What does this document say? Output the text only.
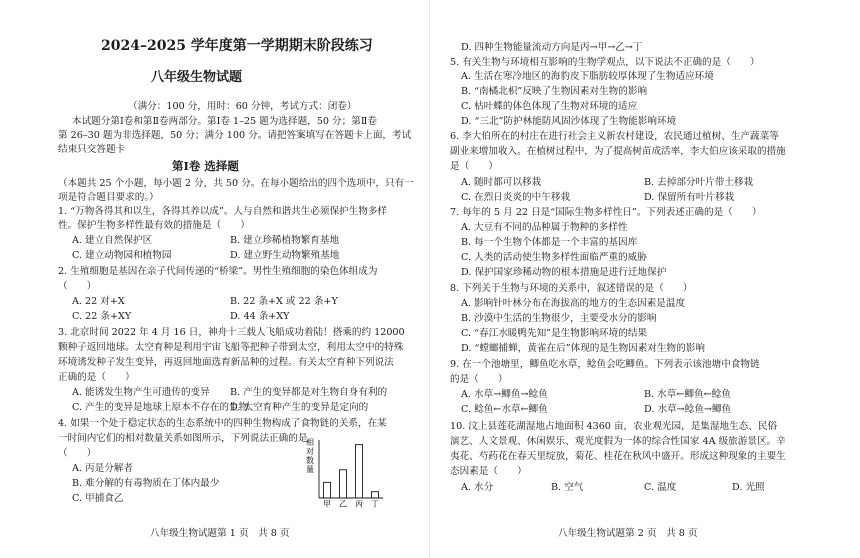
2024–2025 学年度第一学期期末阶段练习
八年级生物试题
（满分：100 分，用时：60 分钟，考试方式：闭卷）
本试题分第Ⅰ卷和第Ⅱ卷两部分。第Ⅰ卷 1–25 题为选择题，50 分；第Ⅱ卷
第 26–30 题为非选择题，50 分；满分 100 分。请把答案填写在答题卡上面，考试
结束只交答题卡
第Ⅰ卷 选择题
（本题共 25 个小题，每小题 2 分，共 50 分。在每小题给出的四个选项中，只有一
项是符合题目要求的。）
1. “万物各得其和以生，各得其养以成”。人与自然和谐共生必须保护生物多样
性。保护生物多样性最有效的措施是（　　）
A. 建立自然保护区	B. 建立珍稀植物繁育基地
C. 建立动物园和植物园	D. 建立野生动物繁殖基地
2. 生殖细胞是基因在亲子代间传递的“桥梁”。男性生殖细胞的染色体组成为
（　　）
A. 22 对+X	B. 22 条+X 或 22 条+Y
C. 22 条+XY	D. 44 条+XY
3. 北京时间 2022 年 4 月 16 日，神舟十三载人飞船成功着陆！搭乘的约 12000
颗种子返回地球。太空育种是利用宇宙飞船等把种子带到太空，利用太空中的特殊
环境诱发种子发生变异，再返回地面选育新品种的过程。有关太空育种下列说法
正确的是（　　）
A. 能诱发生物产生可遗传的变异 B. 产生的变异都是对生物自身有利的
C. 产生的变异是地球上原本不存在的生物
D. 太空育种产生的变异是定向的
4. 如果一个处于稳定状态的生态系统中的四种生物构成了食物链的关系，在某
一时间内它们的相对数量关系如图所示，下列说法正确的是
（　　）
A. 丙是分解者
B. 难分解的有毒物质在丁体内最少
C. 甲捕食乙
相对数量
甲 乙 丙 丁
八年级生物试题第 1 页　共 8 页
D. 四种生物能量流动方向是丙→甲→乙→丁
5. 有关生物与环境相互影响的生物学观点，以下说法不正确的是（　　）
A. 生活在寒冷地区的海豹皮下脂肪较厚体现了生物适应环境
B. “南橘北枳”反映了生物因素对生物的影响
C. 枯叶蝶的体色体现了生物对环境的适应
D. “三北”防护林能防风固沙体现了生物能影响环境
6. 李大伯所在的村庄在进行社会主义新农村建设，农民通过植树、生产蔬菜等
副业来增加收入。在植树过程中，为了提高树苗成活率，李大伯应该采取的措施
是（　　）
A. 随时都可以移栽	B. 去掉部分叶片带土移栽
C. 在烈日炎炎的中午移栽	D. 保留所有叶片移栽
7. 每年的 5 月 22 日是“国际生物多样性日”。下列表述正确的是（　　）
A. 大豆有不同的品种属于物种的多样性
B. 每一个生物个体都是一个丰富的基因库
C. 人类的活动使生物多样性面临严重的威胁
D. 保护国家珍稀动物的根本措施是进行迁地保护
8. 下列关于生物与环境的关系中，叙述错误的是（　　）
A. 影响针叶林分布在海拔高的地方的生态因素是温度
B. 沙漠中生活的生物很少，主要受水分的影响
C. “春江水暖鸭先知”是生物影响环境的结果
D. “螳螂捕蝉，黄雀在后”体现的是生物因素对生物的影响
9. 在一个池塘里，鲫鱼吃水草，鲶鱼会吃鲫鱼。下列表示该池塘中食物链
的是（　　）
A. 水草→鲫鱼→鲶鱼	B. 水草←鲫鱼←鲶鱼
C. 鲶鱼←水草←鲫鱼	D. 水草→鲶鱼→鲫鱼
10. 汶上县莲花湖湿地占地面积 4360 亩，农业观光园，是集湿地生态、民俗
演艺、人文景观、休闲娱乐、观光度假为一体的综合性国家 4A 级旅游景区。辛
夷花、芍药花在春天里绽放，菊花、桂花在秋风中盛开。形成这种现象的主要生
态因素是（　　）
A. 水分	B. 空气	C. 温度	D. 光照
八年级生物试题第 2 页　共 8 页
